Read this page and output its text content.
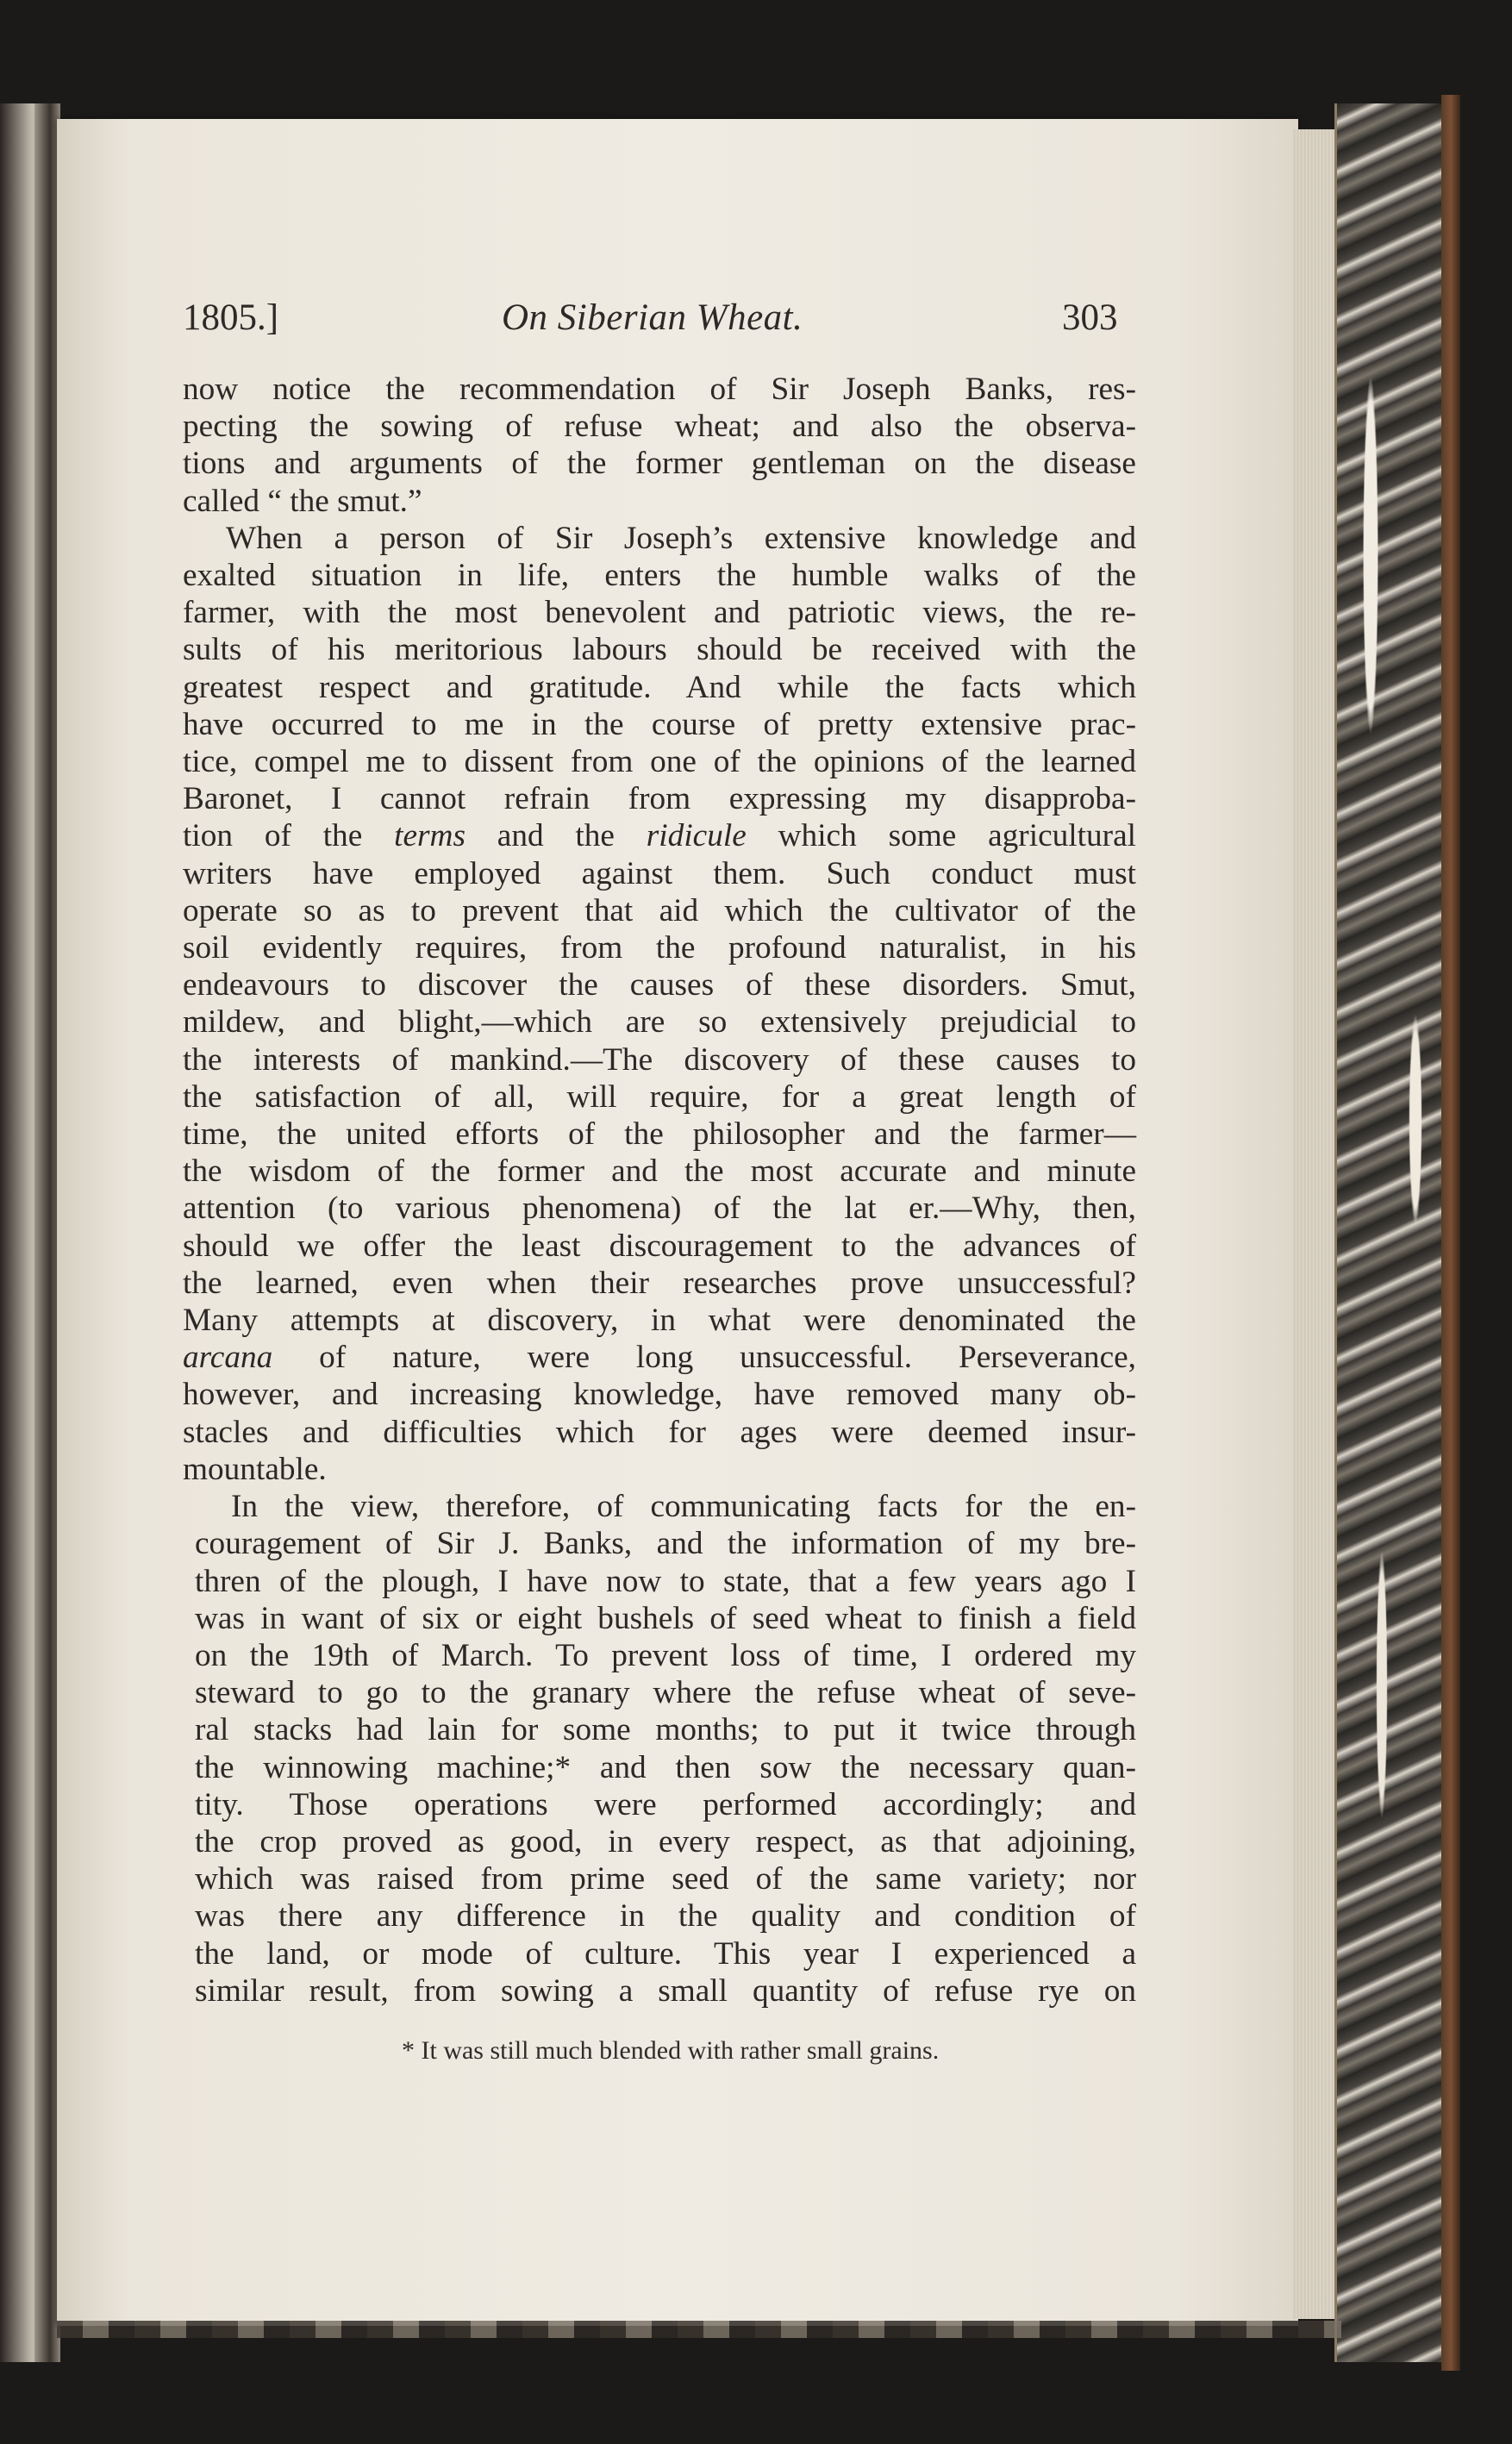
1805.]	On Siberian Wheat.	303
now notice the recommendation of Sir Joseph Banks, res-
pecting the sowing of refuse wheat; and also the observa-
tions and arguments of the former gentleman on the disease
called “ the smut.”
When a person of Sir Joseph’s extensive knowledge and
exalted situation in life, enters the humble walks of the
farmer, with the most benevolent and patriotic views, the re-
sults of his meritorious labours should be received with the
greatest respect and gratitude. And while the facts which
have occurred to me in the course of pretty extensive prac-
tice, compel me to dissent from one of the opinions of the learned
Baronet, I cannot refrain from expressing my disapproba-
tion of the terms and the ridicule which some agricultural
writers have employed against them. Such conduct must
operate so as to prevent that aid which the cultivator of the
soil evidently requires, from the profound naturalist, in his
endeavours to discover the causes of these disorders. Smut,
mildew, and blight,—which are so extensively prejudicial to
the interests of mankind.—The discovery of these causes to
the satisfaction of all, will require, for a great length of
time, the united efforts of the philosopher and the farmer—
the wisdom of the former and the most accurate and minute
attention (to various phenomena) of the lat er.—Why, then,
should we offer the least discouragement to the advances of
the learned, even when their researches prove unsuccessful?
Many attempts at discovery, in what were denominated the
arcana of nature, were long unsuccessful. Perseverance,
however, and increasing knowledge, have removed many ob-
stacles and difficulties which for ages were deemed insur-
mountable.
In the view, therefore, of communicating facts for the en-
couragement of Sir J. Banks, and the information of my bre-
thren of the plough, I have now to state, that a few years ago I
was in want of six or eight bushels of seed wheat to finish a field
on the 19th of March. To prevent loss of time, I ordered my
steward to go to the granary where the refuse wheat of seve-
ral stacks had lain for some months; to put it twice through
the winnowing machine;* and then sow the necessary quan-
tity. Those operations were performed accordingly; and
the crop proved as good, in every respect, as that adjoining,
which was raised from prime seed of the same variety; nor
was there any difference in the quality and condition of
the land, or mode of culture. This year I experienced a
similar result, from sowing a small quantity of refuse rye on
* It was still much blended with rather small grains.
